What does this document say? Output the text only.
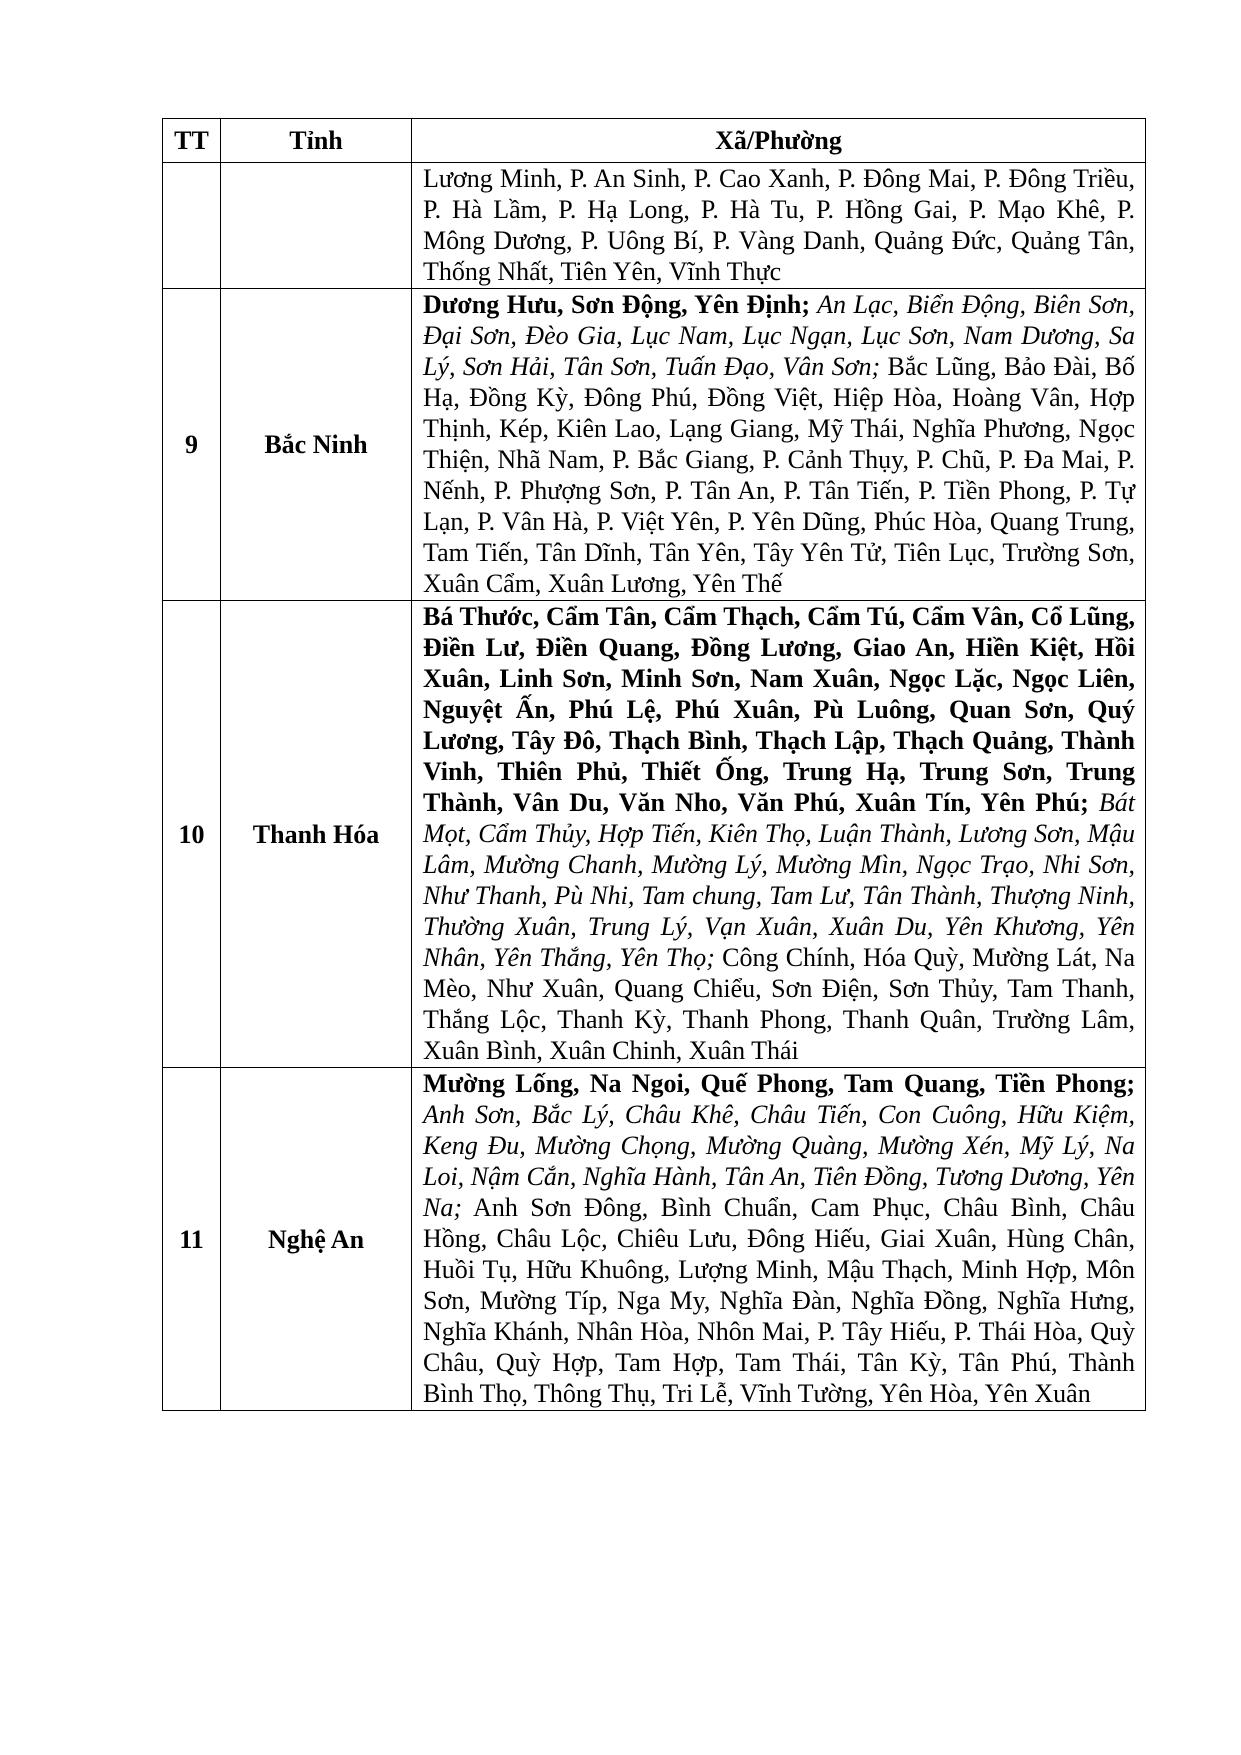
TT	Tỉnh	Xã/Phường
		Lương Minh, P. An Sinh, P. Cao Xanh, P. Đông Mai, P. Đông Triều, P. Hà Lầm, P. Hạ Long, P. Hà Tu, P. Hồng Gai, P. Mạo Khê, P. Mông Dương, P. Uông Bí, P. Vàng Danh, Quảng Đức, Quảng Tân, Thống Nhất, Tiên Yên, Vĩnh Thực
9	Bắc Ninh	Dương Hưu, Sơn Động, Yên Định; An Lạc, Biển Động, Biên Sơn, Đại Sơn, Đèo Gia, Lục Nam, Lục Ngạn, Lục Sơn, Nam Dương, Sa Lý, Sơn Hải, Tân Sơn, Tuấn Đạo, Vân Sơn; Bắc Lũng, Bảo Đài, Bố Hạ, Đồng Kỳ, Đông Phú, Đồng Việt, Hiệp Hòa, Hoàng Vân, Hợp Thịnh, Kép, Kiên Lao, Lạng Giang, Mỹ Thái, Nghĩa Phương, Ngọc Thiện, Nhã Nam, P. Bắc Giang, P. Cảnh Thụy, P. Chũ, P. Đa Mai, P. Nếnh, P. Phượng Sơn, P. Tân An, P. Tân Tiến, P. Tiền Phong, P. Tự Lạn, P. Vân Hà, P. Việt Yên, P. Yên Dũng, Phúc Hòa, Quang Trung, Tam Tiến, Tân Dĩnh, Tân Yên, Tây Yên Tử, Tiên Lục, Trường Sơn, Xuân Cẩm, Xuân Lương, Yên Thế
10	Thanh Hóa	Bá Thước, Cẩm Tân, Cẩm Thạch, Cẩm Tú, Cẩm Vân, Cổ Lũng, Điền Lư, Điền Quang, Đồng Lương, Giao An, Hiền Kiệt, Hồi Xuân, Linh Sơn, Minh Sơn, Nam Xuân, Ngọc Lặc, Ngọc Liên, Nguyệt Ấn, Phú Lệ, Phú Xuân, Pù Luông, Quan Sơn, Quý Lương, Tây Đô, Thạch Bình, Thạch Lập, Thạch Quảng, Thành Vinh, Thiên Phủ, Thiết Ống, Trung Hạ, Trung Sơn, Trung Thành, Vân Du, Văn Nho, Văn Phú, Xuân Tín, Yên Phú; Bát Mọt, Cẩm Thủy, Hợp Tiến, Kiên Thọ, Luận Thành, Lương Sơn, Mậu Lâm, Mường Chanh, Mường Lý, Mường Mìn, Ngọc Trạo, Nhi Sơn, Như Thanh, Pù Nhi, Tam chung, Tam Lư, Tân Thành, Thượng Ninh, Thường Xuân, Trung Lý, Vạn Xuân, Xuân Du, Yên Khương, Yên Nhân, Yên Thắng, Yên Thọ; Công Chính, Hóa Quỳ, Mường Lát, Na Mèo, Như Xuân, Quang Chiểu, Sơn Điện, Sơn Thủy, Tam Thanh, Thắng Lộc, Thanh Kỳ, Thanh Phong, Thanh Quân, Trường Lâm, Xuân Bình, Xuân Chinh, Xuân Thái
11	Nghệ An	Mường Lống, Na Ngoi, Quế Phong, Tam Quang, Tiền Phong; Anh Sơn, Bắc Lý, Châu Khê, Châu Tiến, Con Cuông, Hữu Kiệm, Keng Đu, Mường Chọng, Mường Quàng, Mường Xén, Mỹ Lý, Na Loi, Nậm Cắn, Nghĩa Hành, Tân An, Tiên Đồng, Tương Dương, Yên Na; Anh Sơn Đông, Bình Chuẩn, Cam Phục, Châu Bình, Châu Hồng, Châu Lộc, Chiêu Lưu, Đông Hiếu, Giai Xuân, Hùng Chân, Huồi Tụ, Hữu Khuông, Lượng Minh, Mậu Thạch, Minh Hợp, Môn Sơn, Mường Típ, Nga My, Nghĩa Đàn, Nghĩa Đồng, Nghĩa Hưng, Nghĩa Khánh, Nhân Hòa, Nhôn Mai, P. Tây Hiếu, P. Thái Hòa, Quỳ Châu, Quỳ Hợp, Tam Hợp, Tam Thái, Tân Kỳ, Tân Phú, Thành Bình Thọ, Thông Thụ, Tri Lễ, Vĩnh Tường, Yên Hòa, Yên Xuân
